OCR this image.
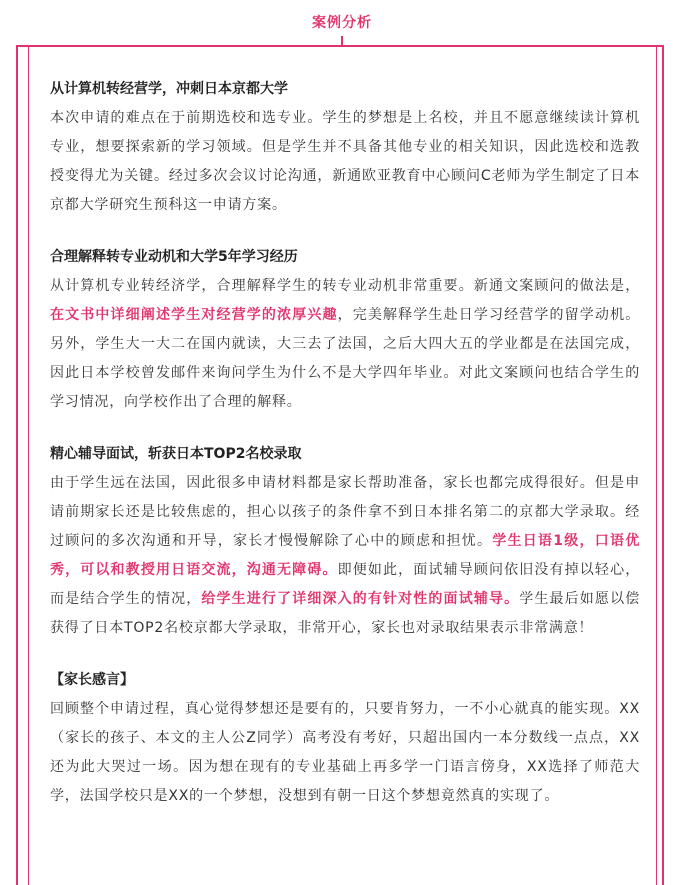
案例分析
从计算机转经营学，冲刺日本京都大学

本次申请的难点在于前期选校和选专业。学生的梦想是上名校，并且不愿意继续读计算机专业，想要探索新的学习领域。但是学生并不具备其他专业的相关知识，因此选校和选教授变得尤为关键。经过多次会议讨论沟通，新通欧亚教育中心顾问C老师为学生制定了日本京都大学研究生预科这一申请方案。

合理解释转专业动机和大学5年学习经历

从计算机专业转经济学，合理解释学生的转专业动机非常重要。新通文案顾问的做法是，在文书中详细阐述学生对经营学的浓厚兴趣，完美解释学生赴日学习经营学的留学动机。另外，学生大一大二在国内就读，大三去了法国，之后大四大五的学业都是在法国完成，因此日本学校曾发邮件来询问学生为什么不是大学四年毕业。对此文案顾问也结合学生的学习情况，向学校作出了合理的解释。

精心辅导面试，斩获日本TOP2名校录取

由于学生远在法国，因此很多申请材料都是家长帮助准备，家长也都完成得很好。但是申请前期家长还是比较焦虑的，担心以孩子的条件拿不到日本排名第二的京都大学录取。经过顾问的多次沟通和开导，家长才慢慢解除了心中的顾虑和担忧。学生日语1级，口语优秀，可以和教授用日语交流，沟通无障碍。即便如此，面试辅导顾问依旧没有掉以轻心，而是结合学生的情况，给学生进行了详细深入的有针对性的面试辅导。学生最后如愿以偿获得了日本TOP2名校京都大学录取，非常开心，家长也对录取结果表示非常满意！

【家长感言】

回顾整个申请过程，真心觉得梦想还是要有的，只要肯努力，一不小心就真的能实现。XX（家长的孩子、本文的主人公Z同学）高考没有考好，只超出国内一本分数线一点点，XX还为此大哭过一场。因为想在现有的专业基础上再多学一门语言傍身，XX选择了师范大学，法国学校只是XX的一个梦想，没想到有朝一日这个梦想竟然真的实现了。
